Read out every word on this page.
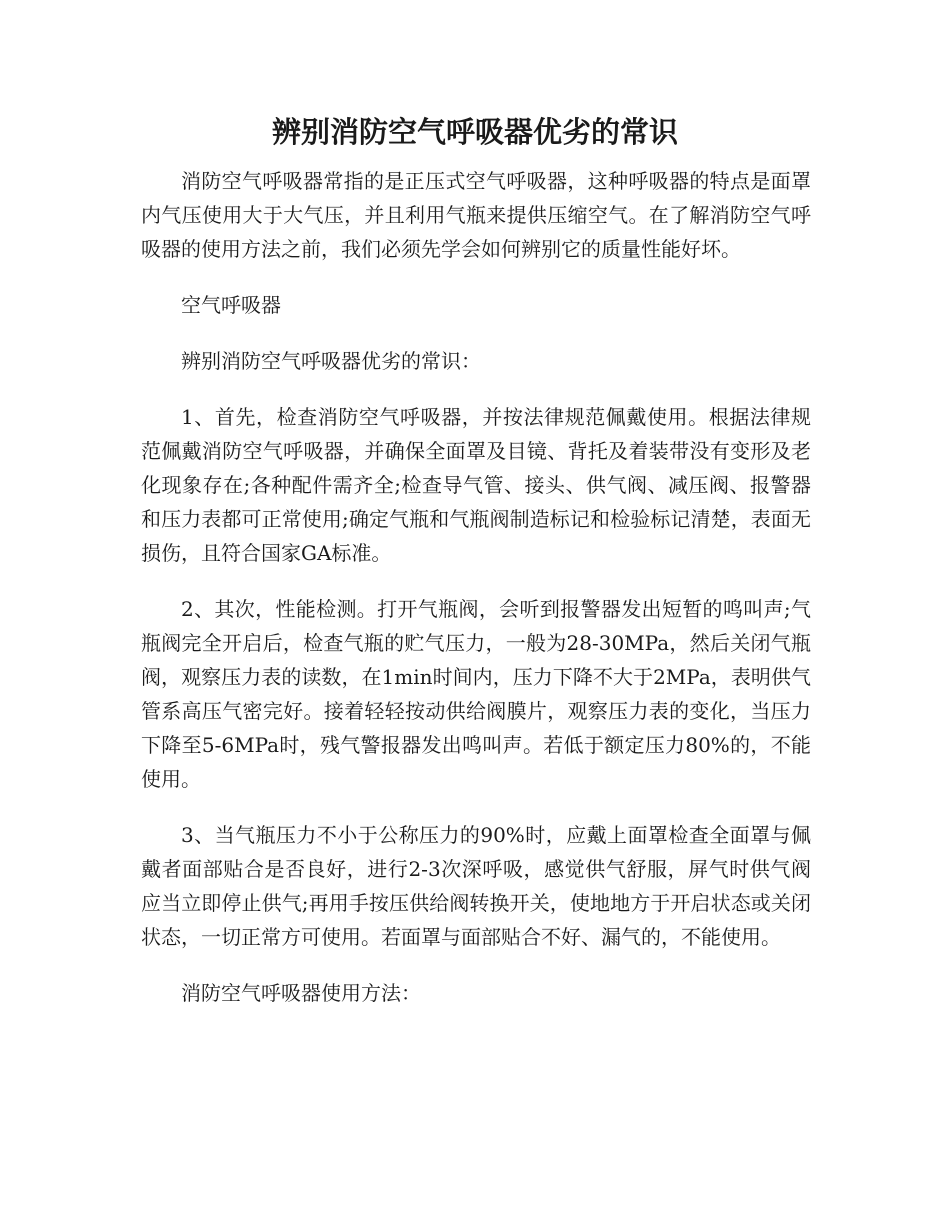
辨别消防空气呼吸器优劣的常识

消防空气呼吸器常指的是正压式空气呼吸器，这种呼吸器的特点是面罩内气压使用大于大气压，并且利用气瓶来提供压缩空气。在了解消防空气呼吸器的使用方法之前，我们必须先学会如何辨别它的质量性能好坏。

空气呼吸器

辨别消防空气呼吸器优劣的常识：

1、首先，检查消防空气呼吸器，并按法律规范佩戴使用。根据法律规范佩戴消防空气呼吸器，并确保全面罩及目镜、背托及着装带没有变形及老化现象存在;各种配件需齐全;检查导气管、接头、供气阀、减压阀、报警器和压力表都可正常使用;确定气瓶和气瓶阀制造标记和检验标记清楚，表面无损伤，且符合国家GA标准。

2、其次，性能检测。打开气瓶阀，会听到报警器发出短暂的鸣叫声;气瓶阀完全开启后，检查气瓶的贮气压力，一般为28-30MPa，然后关闭气瓶阀，观察压力表的读数，在1min时间内，压力下降不大于2MPa，表明供气管系高压气密完好。接着轻轻按动供给阀膜片，观察压力表的变化，当压力下降至5-6MPa时，残气警报器发出鸣叫声。若低于额定压力80%的，不能使用。

3、当气瓶压力不小于公称压力的90%时，应戴上面罩检查全面罩与佩戴者面部贴合是否良好，进行2-3次深呼吸，感觉供气舒服，屏气时供气阀应当立即停止供气;再用手按压供给阀转换开关，使地地方于开启状态或关闭状态，一切正常方可使用。若面罩与面部贴合不好、漏气的，不能使用。

消防空气呼吸器使用方法：
